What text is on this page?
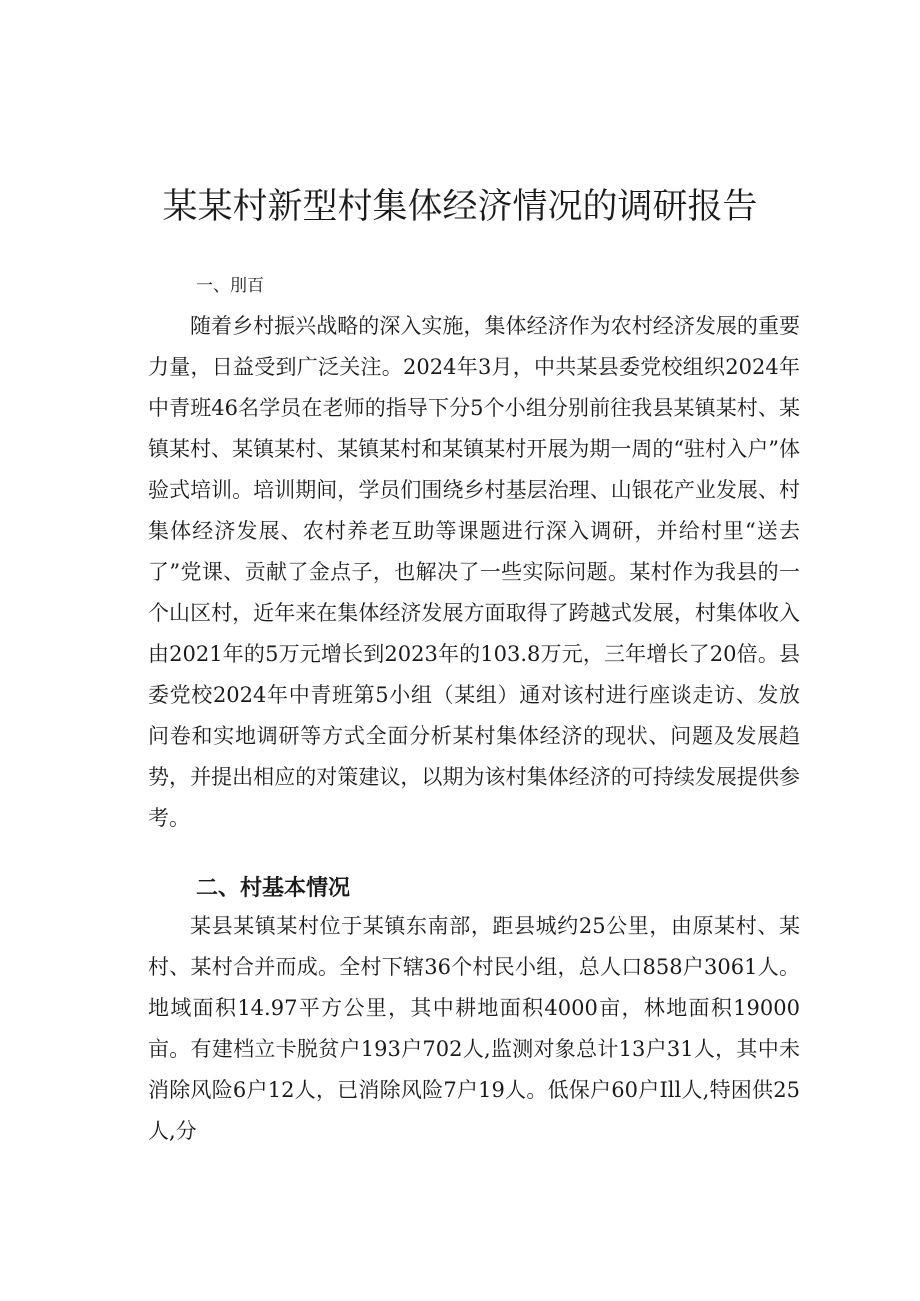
某某村新型村集体经济情况的调研报告
一、刖百

随着乡村振兴战略的深入实施，集体经济作为农村经济发展的重要力量，日益受到广泛关注。2024年3月，中共某县委党校组织2024年中青班46名学员在老师的指导下分5个小组分别前往我县某镇某村、某镇某村、某镇某村、某镇某村和某镇某村开展为期一周的“驻村入户”体验式培训。培训期间，学员们围绕乡村基层治理、山银花产业发展、村集体经济发展、农村养老互助等课题进行深入调研，并给村里“送去了”党课、贡献了金点子，也解决了一些实际问题。某村作为我县的一个山区村，近年来在集体经济发展方面取得了跨越式发展，村集体收入由2021年的5万元增长到2023年的103.8万元，三年增长了20倍。县委党校2024年中青班第5小组（某组）通对该村进行座谈走访、发放问卷和实地调研等方式全面分析某村集体经济的现状、问题及发展趋势，并提出相应的对策建议，以期为该村集体经济的可持续发展提供参考。

二、村基本情况

某县某镇某村位于某镇东南部，距县城约25公里，由原某村、某村、某村合并而成。全村下辖36个村民小组，总人口858户3061人。地域面积14.97平方公里，其中耕地面积4000亩，林地面积19000亩。有建档立卡脱贫户193户702人,监测对象总计13户31人，其中未消除风险6户12人，已消除风险7户19人。低保户60户Ill人,特困供25人,分
